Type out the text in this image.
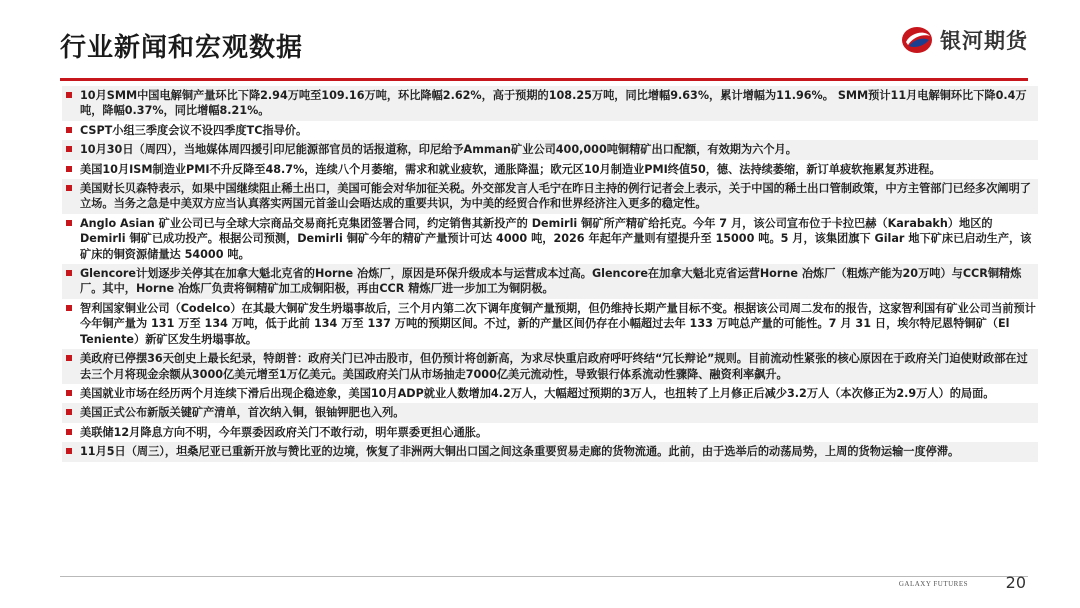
行业新闻和宏观数据	银河期货
10月SMM中国电解铜产量环比下降2.94万吨至109.16万吨，环比降幅2.62%，高于预期的108.25万吨，同比增幅9.63%，累计增幅为11.96%。 SMM预计11月电解铜环比下降0.4万吨，降幅0.37%，同比增幅8.21%。
CSPT小组三季度会议不设四季度TC指导价。
10月30日（周四），当地媒体周四援引印尼能源部官员的话报道称，印尼给予Amman矿业公司400,000吨铜精矿出口配额，有效期为六个月。
美国10月ISM制造业PMI不升反降至48.7%，连续八个月萎缩，需求和就业疲软，通胀降温；欧元区10月制造业PMI终值50，德、法持续萎缩，新订单疲软拖累复苏进程。
美国财长贝森特表示，如果中国继续阻止稀土出口，美国可能会对华加征关税。外交部发言人毛宁在昨日主持的例行记者会上表示，关于中国的稀土出口管制政策，中方主管部门已经多次阐明了立场。当务之急是中美双方应当认真落实两国元首釜山会晤达成的重要共识，为中美的经贸合作和世界经济注入更多的稳定性。
Anglo Asian 矿业公司已与全球大宗商品交易商托克集团签署合同，约定销售其新投产的 Demirli 铜矿所产精矿给托克。今年 7 月，该公司宣布位于卡拉巴赫（Karabakh）地区的 Demirli 铜矿已成功投产。根据公司预测，Demirli 铜矿今年的精矿产量预计可达 4000 吨，2026 年起年产量则有望提升至 15000 吨。5 月，该集团旗下 Gilar 地下矿床已启动生产，该矿床的铜资源储量达 54000 吨。
Glencore计划逐步关停其在加拿大魁北克省的Horne 冶炼厂，原因是环保升级成本与运营成本过高。Glencore在加拿大魁北克省运营Horne 冶炼厂（粗炼产能为20万吨）与CCR铜精炼厂。其中，Horne 冶炼厂负责将铜精矿加工成铜阳极，再由CCR 精炼厂进一步加工为铜阴极。
智利国家铜业公司（Codelco）在其最大铜矿发生坍塌事故后，三个月内第二次下调年度铜产量预期，但仍维持长期产量目标不变。根据该公司周二发布的报告，这家智利国有矿业公司当前预计今年铜产量为 131 万至 134 万吨，低于此前 134 万至 137 万吨的预期区间。不过，新的产量区间仍存在小幅超过去年 133 万吨总产量的可能性。7 月 31 日，埃尔特尼恩特铜矿（El Teniente）新矿区发生坍塌事故。
美政府已停摆36天创史上最长纪录，特朗普：政府关门已冲击股市，但仍预计将创新高，为求尽快重启政府呼吁终结“冗长辩论”规则。目前流动性紧张的核心原因在于政府关门迫使财政部在过去三个月将现金余额从3000亿美元增至1万亿美元。美国政府关门从市场抽走7000亿美元流动性，导致银行体系流动性骤降、融资利率飙升。
美国就业市场在经历两个月连续下滑后出现企稳迹象，美国10月ADP就业人数增加4.2万人，大幅超过预期的3万人，也扭转了上月修正后减少3.2万人（本次修正为2.9万人）的局面。
美国正式公布新版关键矿产清单，首次纳入铜，银铀钾肥也入列。
美联储12月降息方向不明，今年票委因政府关门不敢行动，明年票委更担心通胀。
11月5日（周三），坦桑尼亚已重新开放与赞比亚的边境，恢复了非洲两大铜出口国之间这条重要贸易走廊的货物流通。此前，由于选举后的动荡局势，上周的货物运输一度停滞。
GALAXY FUTURES 20
